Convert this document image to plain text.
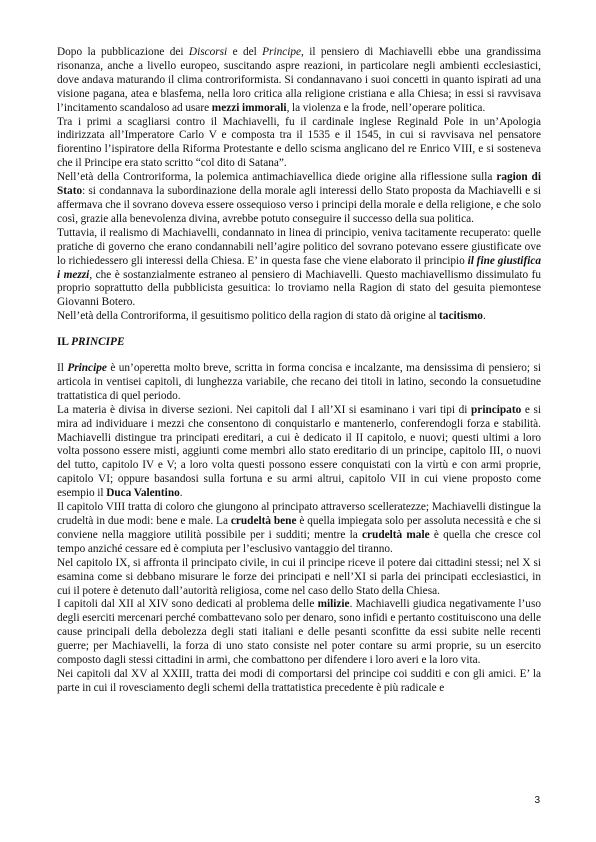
Dopo la pubblicazione dei Discorsi e del Principe, il pensiero di Machiavelli ebbe una grandissima risonanza, anche a livello europeo, suscitando aspre reazioni, in particolare negli ambienti ecclesiastici, dove andava maturando il clima controriformista. Si condannavano i suoi concetti in quanto ispirati ad una visione pagana, atea e blasfema, nella loro critica alla religione cristiana e alla Chiesa; in essi si ravvisava l’incitamento scandaloso ad usare mezzi immorali, la violenza e la frode, nell’operare politica.

Tra i primi a scagliarsi contro il Machiavelli, fu il cardinale inglese Reginald Pole in un’Apologia indirizzata all’Imperatore Carlo V e composta tra il 1535 e il 1545, in cui si ravvisava nel pensatore fiorentino l’ispiratore della Riforma Protestante e dello scisma anglicano del re Enrico VIII, e si sosteneva che il Principe era stato scritto “col dito di Satana”.

Nell’età della Controriforma, la polemica antimachiavellica diede origine alla riflessione sulla ragion di Stato: si condannava la subordinazione della morale agli interessi dello Stato proposta da Machiavelli e si affermava che il sovrano doveva essere ossequioso verso i principi della morale e della religione, e che solo così, grazie alla benevolenza divina, avrebbe potuto conseguire il successo della sua politica.

Tuttavia, il realismo di Machiavelli, condannato in linea di principio, veniva tacitamente recuperato: quelle pratiche di governo che erano condannabili nell’agire politico del sovrano potevano essere giustificate ove lo richiedessero gli interessi della Chiesa. E’ in questa fase che viene elaborato il principio il fine giustifica i mezzi, che è sostanzialmente estraneo al pensiero di Machiavelli. Questo machiavellismo dissimulato fu proprio soprattutto della pubblicista gesuitica: lo troviamo nella Ragion di stato del gesuita piemontese Giovanni Botero.

Nell’età della Controriforma, il gesuitismo politico della ragion di stato dà origine al tacitismo.

IL PRINCIPE

Il Principe è un’operetta molto breve, scritta in forma concisa e incalzante, ma densissima di pensiero; si articola in ventisei capitoli, di lunghezza variabile, che recano dei titoli in latino, secondo la consuetudine trattatistica di quel periodo.

La materia è divisa in diverse sezioni. Nei capitoli dal I all’XI si esaminano i vari tipi di principato e si mira ad individuare i mezzi che consentono di conquistarlo e mantenerlo, conferendogli forza e stabilità. Machiavelli distingue tra principati ereditari, a cui è dedicato il II capitolo, e nuovi; questi ultimi a loro volta possono essere misti, aggiunti come membri allo stato ereditario di un principe, capitolo III, o nuovi del tutto, capitolo IV e V; a loro volta questi possono essere conquistati con la virtù e con armi proprie, capitolo VI; oppure basandosi sulla fortuna e su armi altrui, capitolo VII in cui viene proposto come esempio il Duca Valentino.

Il capitolo VIII tratta di coloro che giungono al principato attraverso scelleratezze; Machiavelli distingue la crudeltà in due modi: bene e male. La crudeltà bene è quella impiegata solo per assoluta necessità e che si conviene nella maggiore utilità possibile per i sudditi; mentre la crudeltà male è quella che cresce col tempo anziché cessare ed è compiuta per l’esclusivo vantaggio del tiranno.

Nel capitolo IX, si affronta il principato civile, in cui il principe riceve il potere dai cittadini stessi; nel X si esamina come si debbano misurare le forze dei principati e nell’XI si parla dei principati ecclesiastici, in cui il potere è detenuto dall’autorità religiosa, come nel caso dello Stato della Chiesa.

I capitoli dal XII al XIV sono dedicati al problema delle milizie. Machiavelli giudica negativamente l’uso degli eserciti mercenari perché combattevano solo per denaro, sono infidi e pertanto costituiscono una delle cause principali della debolezza degli stati italiani e delle pesanti sconfitte da essi subite nelle recenti guerre; per Machiavelli, la forza di uno stato consiste nel poter contare su armi proprie, su un esercito composto dagli stessi cittadini in armi, che combattono per difendere i loro averi e la loro vita.

Nei capitoli dal XV al XXIII, tratta dei modi di comportarsi del principe coi sudditi e con gli amici. E’ la parte in cui il rovesciamento degli schemi della trattatistica precedente è più radicale e

3
